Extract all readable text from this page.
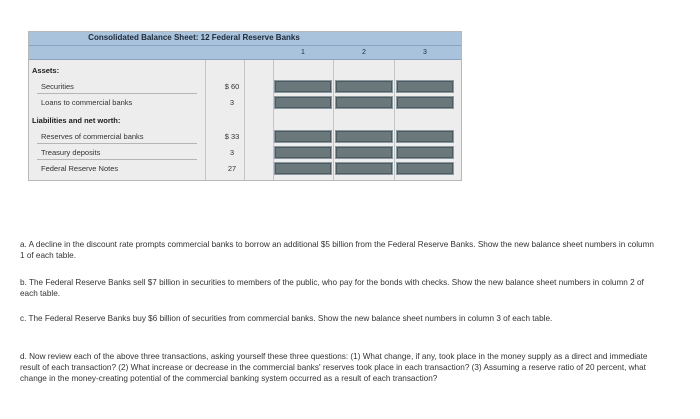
Consolidated Balance Sheet: 12 Federal Reserve Banks
1	2	3
Assets:
Securities	$ 60
Loans to commercial banks	3
Liabilities and net worth:
Reserves of commercial banks	$ 33
Treasury deposits	3
Federal Reserve Notes	27
a. A decline in the discount rate prompts commercial banks to borrow an additional $5 billion from the Federal Reserve Banks. Show the new balance sheet numbers in column 1 of each table.
b. The Federal Reserve Banks sell $7 billion in securities to members of the public, who pay for the bonds with checks. Show the new balance sheet numbers in column 2 of each table.
c. The Federal Reserve Banks buy $6 billion of securities from commercial banks. Show the new balance sheet numbers in column 3 of each table.
d. Now review each of the above three transactions, asking yourself these three questions: (1) What change, if any, took place in the money supply as a direct and immediate result of each transaction? (2) What increase or decrease in the commercial banks' reserves took place in each transaction? (3) Assuming a reserve ratio of 20 percent, what change in the money-creating potential of the commercial banking system occurred as a result of each transaction?
